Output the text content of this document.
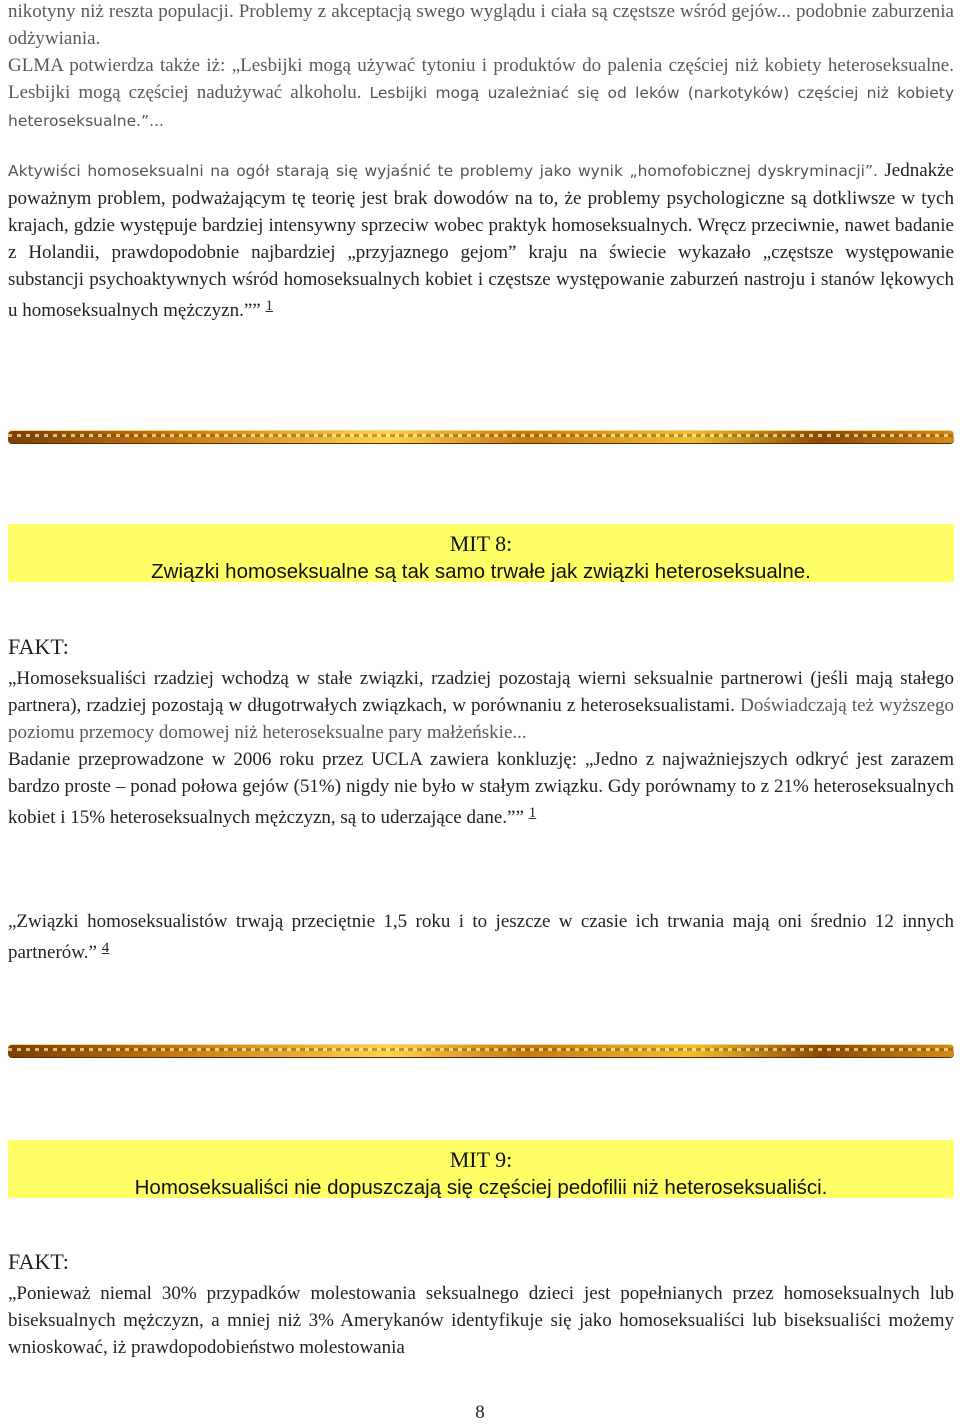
nikotyny niż reszta populacji. Problemy z akceptacją swego wyglądu i ciała są częstsze wśród gejów... podobnie zaburzenia odżywiania.

GLMA potwierdza także iż: „Lesbijki mogą używać tytoniu i produktów do palenia częściej niż kobiety heteroseksualne. Lesbijki mogą częściej nadużywać alkoholu. Lesbijki mogą uzależniać się od leków (narkotyków) częściej niż kobiety heteroseksualne.”...

Aktywiści homoseksualni na ogół starają się wyjaśnić te problemy jako wynik „homofobicznej dyskryminacji”. Jednakże poważnym problem, podważającym tę teorię jest brak dowodów na to, że problemy psychologiczne są dotkliwsze w tych krajach, gdzie występuje bardziej intensywny sprzeciw wobec praktyk homoseksualnych. Wręcz przeciwnie, nawet badanie z Holandii, prawdopodobnie najbardziej „przyjaznego gejom” kraju na świecie wykazało „częstsze występowanie substancji psychoaktywnych wśród homoseksualnych kobiet i częstsze występowanie zaburzeń nastroju i stanów lękowych u homoseksualnych mężczyzn.”” $^1$

MIT 8:
Związki homoseksualne są tak samo trwałe jak związki heteroseksualne.
FAKT:

„Homoseksualiści rzadziej wchodzą w stałe związki, rzadziej pozostają wierni seksualnie partnerowi (jeśli mają stałego partnera), rzadziej pozostają w długotrwałych związkach, w porównaniu z heteroseksualistami. Doświadczają też wyższego poziomu przemocy domowej niż heteroseksualne pary małżeńskie...

Badanie przeprowadzone w 2006 roku przez UCLA zawiera konkluzję: „Jedno z najważniejszych odkryć jest zarazem bardzo proste – ponad połowa gejów (51%) nigdy nie było w stałym związku. Gdy porównamy to z 21% heteroseksualnych kobiet i 15% heteroseksualnych mężczyzn, są to uderzające dane.”” $^1$

„Związki homoseksualistów trwają przeciętnie 1,5 roku i to jeszcze w czasie ich trwania mają oni średnio 12 innych partnerów.” $^4$

MIT 9:
Homoseksualiści nie dopuszczają się częściej pedofilii niż heteroseksualiści.
FAKT:

„Ponieważ niemal 30% przypadków molestowania seksualnego dzieci jest popełnianych przez homoseksualnych lub biseksualnych mężczyzn, a mniej niż 3% Amerykanów identyfikuje się jako homoseksualiści lub biseksualiści możemy wnioskować, iż prawdopodobieństwo molestowania

8
